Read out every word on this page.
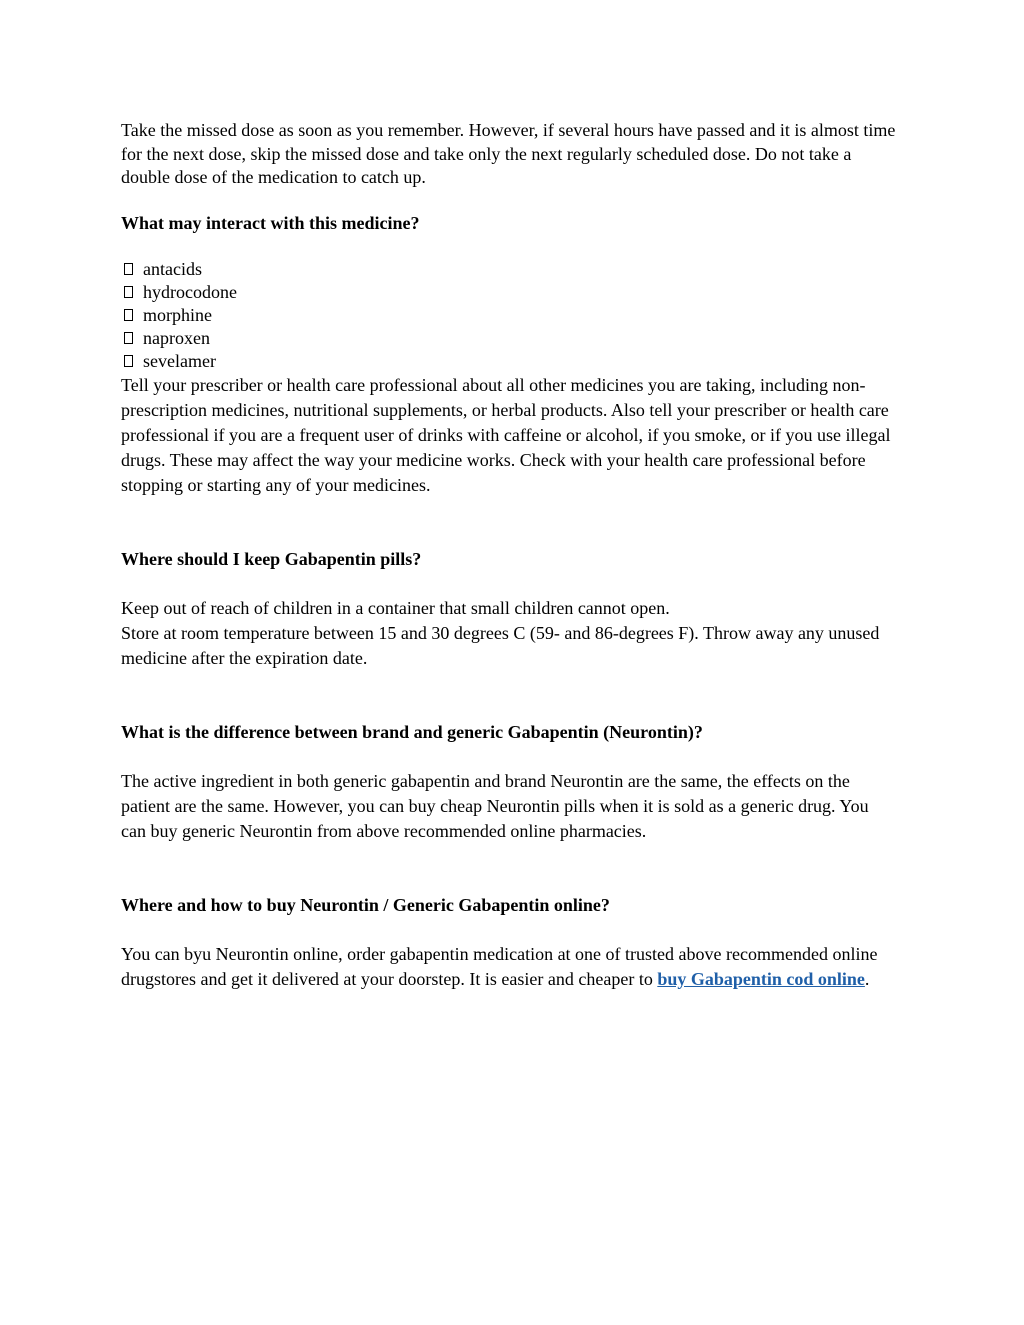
Take the missed dose as soon as you remember. However, if several hours have passed and it is almost time for the next dose, skip the missed dose and take only the next regularly scheduled dose. Do not take a double dose of the medication to catch up.

What may interact with this medicine?

antacids
hydrocodone
morphine
naproxen
sevelamer

Tell your prescriber or health care professional about all other medicines you are taking, including non-prescription medicines, nutritional supplements, or herbal products. Also tell your prescriber or health care professional if you are a frequent user of drinks with caffeine or alcohol, if you smoke, or if you use illegal drugs. These may affect the way your medicine works. Check with your health care professional before stopping or starting any of your medicines.

Where should I keep Gabapentin pills?

Keep out of reach of children in a container that small children cannot open.

Store at room temperature between 15 and 30 degrees C (59- and 86-degrees F). Throw away any unused medicine after the expiration date.

What is the difference between brand and generic Gabapentin (Neurontin)?

The active ingredient in both generic gabapentin and brand Neurontin are the same, the effects on the patient are the same. However, you can buy cheap Neurontin pills when it is sold as a generic drug. You can buy generic Neurontin from above recommended online pharmacies.

Where and how to buy Neurontin / Generic Gabapentin online?

You can byu Neurontin online, order gabapentin medication at one of trusted above recommended online drugstores and get it delivered at your doorstep. It is easier and cheaper to buy Gabapentin cod online.
